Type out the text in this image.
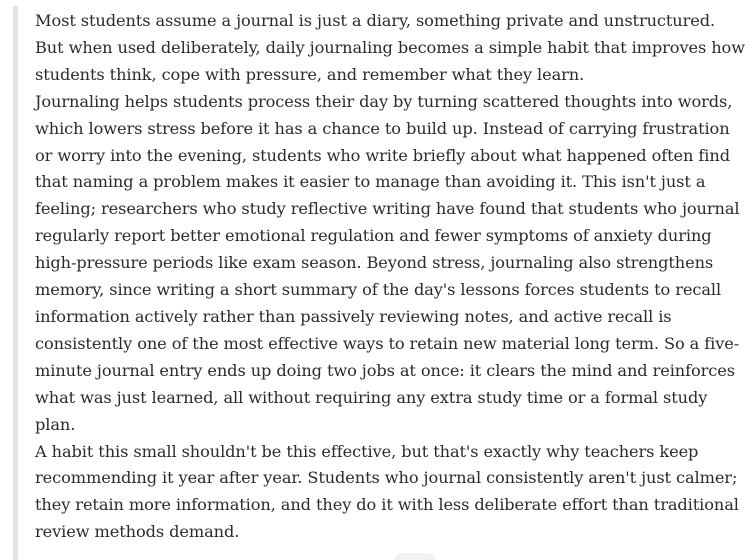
Most students assume a journal is just a diary, something private and unstructured. But when used deliberately, daily journaling becomes a simple habit that improves how students think, cope with pressure, and remember what they learn.

Journaling helps students process their day by turning scattered thoughts into words, which lowers stress before it has a chance to build up. Instead of carrying frustration or worry into the evening, students who write briefly about what happened often find that naming a problem makes it easier to manage than avoiding it. This isn't just a feeling; researchers who study reflective writing have found that students who journal regularly report better emotional regulation and fewer symptoms of anxiety during high-pressure periods like exam season. Beyond stress, journaling also strengthens memory, since writing a short summary of the day's lessons forces students to recall information actively rather than passively reviewing notes, and active recall is consistently one of the most effective ways to retain new material long term. So a five-minute journal entry ends up doing two jobs at once: it clears the mind and reinforces what was just learned, all without requiring any extra study time or a formal study plan.

A habit this small shouldn't be this effective, but that's exactly why teachers keep recommending it year after year. Students who journal consistently aren't just calmer; they retain more information, and they do it with less deliberate effort than traditional review methods demand.
